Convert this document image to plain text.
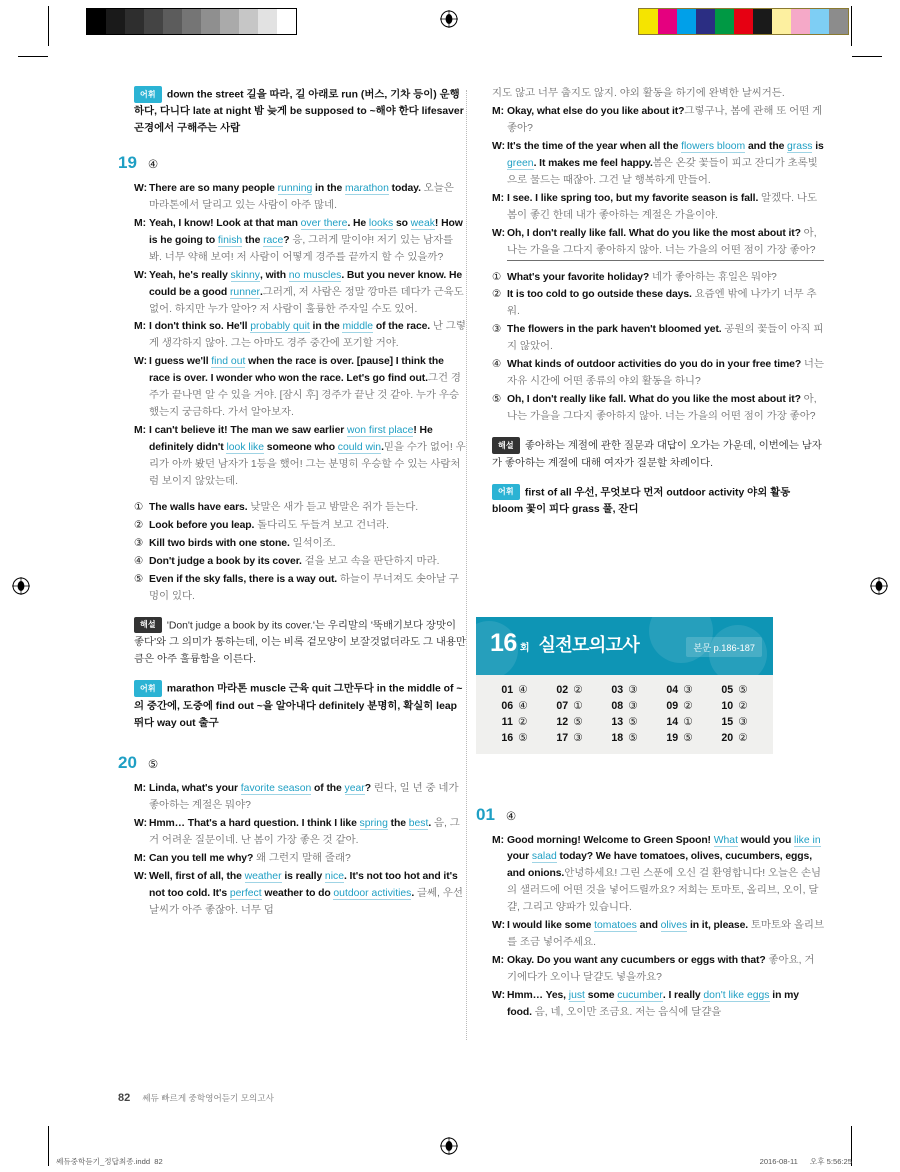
어휘 down the street 길을 따라, 길 아래로 run (버스, 기차 등이) 운행하다, 다니다 late at night 밤 늦게 be supposed to ~해야 한다 lifesaver 곤경에서 구해주는 사람
19 ④
W: There are so many people running in the marathon today. 오늘은 마라톤에서 달리고 있는 사람이 아주 많네.
M: Yeah, I know! Look at that man over there. He looks so weak! How is he going to finish the race? 응, 그러게 말이야! 저기 있는 남자를 봐. 너무 약해 보여! 저 사람이 어떻게 경주를 끝까지 할 수 있을까?
W: Yeah, he's really skinny, with no muscles. But you never know. He could be a good runner.그러게, 저 사람은 정말 깡마른 데다가 근육도 없어. 하지만 누가 알아? 저 사람이 훌륭한 주자일 수도 있어.
M: I don't think so. He'll probably quit in the middle of the race. 난 그렇게 생각하지 않아. 그는 아마도 경주 중간에 포기할 거야.
W: I guess we'll find out when the race is over. [pause] I think the race is over. I wonder who won the race. Let's go find out.그건 경주가 끝나면 알 수 있을 거야. [잠시 후] 경주가 끝난 것 같아. 누가 우승했는지 궁금하다. 가서 알아보자.
M: I can't believe it! The man we saw earlier won first place! He definitely didn't look like someone who could win.믿을 수가 없어! 우리가 아까 봤던 남자가 1등을 했어! 그는 분명히 우승할 수 있는 사람처럼 보이지 않았는데.
① The walls have ears. 낮말은 새가 듣고 밤말은 쥐가 듣는다.
② Look before you leap. 돌다리도 두들겨 보고 건너라.
③ Kill two birds with one stone. 일석이조.
④ Don't judge a book by its cover. 겉을 보고 속을 판단하지 마라.
⑤ Even if the sky falls, there is a way out. 하늘이 무너져도 솟아날 구멍이 있다.
해설 'Don't judge a book by its cover.'는 우리말의 '뚝배기보다 장맛이 좋다'와 그 의미가 통하는데, 이는 비록 겉모양이 보잘것없더라도 그 내용만큼은 아주 훌륭함을 이른다.
어휘 marathon 마라톤 muscle 근육 quit 그만두다 in the middle of ~의 중간에, 도중에 find out ~을 알아내다 definitely 분명히, 확실히 leap 뛰다 way out 출구
20 ⑤
M: Linda, what's your favorite season of the year? 린다, 일 년 중 네가 좋아하는 계절은 뭐야?
W: Hmm… That's a hard question. I think I like spring the best. 음, 그거 어려운 질문이네. 난 봄이 가장 좋은 것 같아.
M: Can you tell me why? 왜 그런지 말해 줄래?
W: Well, first of all, the weather is really nice. It's not too hot and it's not too cold. It's perfect weather to do outdoor activities. 글쎄, 우선 날씨가 아주 좋잖아. 너무 덥
지도 않고 너무 춥지도 않지. 야외 활동을 하기에 완벽한 날씨거든.
M: Okay, what else do you like about it?그렇구나, 봄에 관해 또 어떤 게 좋아?
W: It's the time of the year when all the flowers bloom and the grass is green. It makes me feel happy.봄은 온갖 꽃들이 피고 잔디가 초록빛으로 물드는 때잖아. 그건 날 행복하게 만들어.
M: I see. I like spring too, but my favorite season is fall. 알겠다. 나도 봄이 좋긴 한데 내가 좋아하는 계절은 가을이야.
W: Oh, I don't really like fall. What do you like the most about it? 아, 나는 가을을 그다지 좋아하지 않아. 너는 가을의 어떤 점이 가장 좋아?
① What's your favorite holiday? 네가 좋아하는 휴일은 뭐야?
② It is too cold to go outside these days. 요즘엔 밖에 나가기 너무 추워.
③ The flowers in the park haven't bloomed yet. 공원의 꽃들이 아직 피지 않았어.
④ What kinds of outdoor activities do you do in your free time? 너는 자유 시간에 어떤 종류의 야외 활동을 하니?
⑤ Oh, I don't really like fall. What do you like the most about it? 아, 나는 가을을 그다지 좋아하지 않아. 너는 가을의 어떤 점이 가장 좋아?
해설 좋아하는 계절에 관한 질문과 대답이 오가는 가운데, 이번에는 남자가 좋아하는 계절에 대해 여자가 질문할 차례이다.
어휘 first of all 우선, 무엇보다 먼저 outdoor activity 야외 활동 bloom 꽃이 피다 grass 풀, 잔디
16 회 실전모의고사	본문 p.186-187
01 ④	02 ②	03 ③	04 ③	05 ⑤
06 ④	07 ①	08 ③	09 ②	10 ②
11 ②	12 ⑤	13 ⑤	14 ①	15 ③
16 ⑤	17 ③	18 ⑤	19 ⑤	20 ②
01 ④
M: Good morning! Welcome to Green Spoon! What would you like in your salad today? We have tomatoes, olives, cucumbers, eggs, and onions.안녕하세요! 그린 스푼에 오신 걸 환영합니다! 오늘은 손님의 샐러드에 어떤 것을 넣어드릴까요? 저희는 토마토, 올리브, 오이, 달걀, 그리고 양파가 있습니다.
W: I would like some tomatoes and olives in it, please. 토마토와 올리브를 조금 넣어주세요.
M: Okay. Do you want any cucumbers or eggs with that? 좋아요, 거기에다가 오이나 달걀도 넣을까요?
W: Hmm… Yes, just some cucumber. I really don't like eggs in my food. 음, 네, 오이만 조금요. 저는 음식에 달걀을
82 쎄듀 빠르게 중학영어듣기 모의고사
쎄듀중학듣기_정답최종.indd 82	2016-08-11 오후 5:56:25
